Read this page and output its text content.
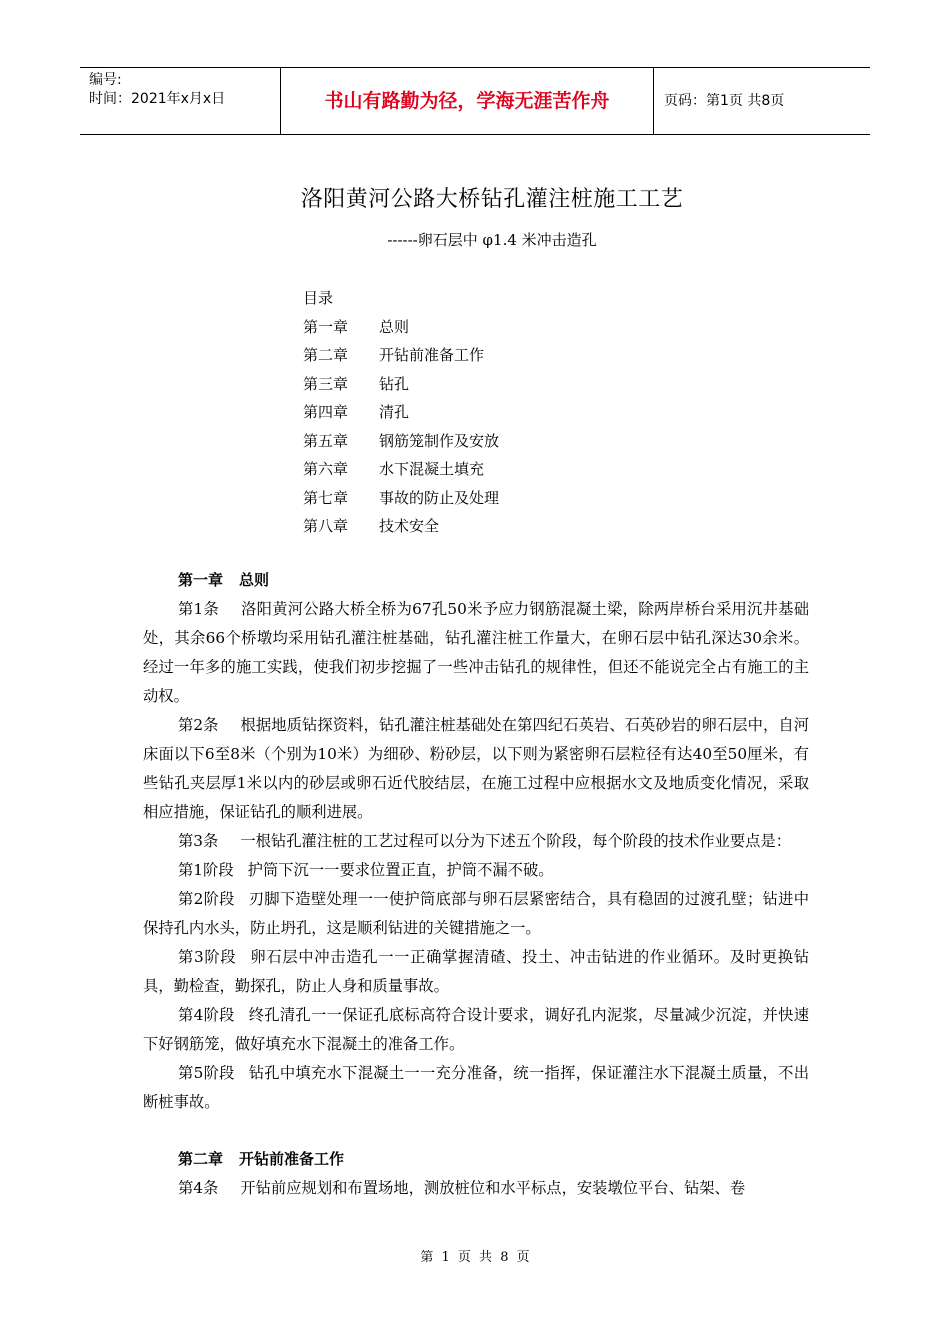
编号:
时间：2021年x月x日	书山有路勤为径，学海无涯苦作舟	页码：第1页 共8页
洛阳黄河公路大桥钻孔灌注桩施工工艺
------卵石层中 φ1.4 米冲击造孔
目录
第一章 总则
第二章 开钻前准备工作
第三章 钻孔
第四章 清孔
第五章 钢筋笼制作及安放
第六章 水下混凝土填充
第七章 事故的防止及处理
第八章 技术安全
第一章 总则

第1条 洛阳黄河公路大桥全桥为67孔50米予应力钢筋混凝土梁，除两岸桥台采用沉井基础处，其余66个桥墩均采用钻孔灌注桩基础，钻孔灌注桩工作量大，在卵石层中钻孔深达30余米。经过一年多的施工实践，使我们初步挖掘了一些冲击钻孔的规律性，但还不能说完全占有施工的主动权。

第2条 根据地质钻探资料，钻孔灌注桩基础处在第四纪石英岩、石英砂岩的卵石层中，自河床面以下6至8米（个别为10米）为细砂、粉砂层，以下则为紧密卵石层粒径有达40至50厘米，有些钻孔夹层厚1米以内的砂层或卵石近代胶结层，在施工过程中应根据水文及地质变化情况，采取相应措施，保证钻孔的顺利进展。

第3条 一根钻孔灌注桩的工艺过程可以分为下述五个阶段，每个阶段的技术作业要点是：

第1阶段 护筒下沉一一要求位置正直，护筒不漏不破。

第2阶段 刃脚下造壁处理一一使护筒底部与卵石层紧密结合，具有稳固的过渡孔壁；钻进中保持孔内水头，防止坍孔，这是顺利钻进的关键措施之一。

第3阶段 卵石层中冲击造孔一一正确掌握清碴、投土、冲击钻进的作业循环。及时更换钻具，勤检查，勤探孔，防止人身和质量事故。

第4阶段 终孔清孔一一保证孔底标高符合设计要求，调好孔内泥浆，尽量减少沉淀，并快速下好钢筋笼，做好填充水下混凝土的准备工作。

第5阶段 钻孔中填充水下混凝土一一充分准备，统一指挥，保证灌注水下混凝土质量，不出断桩事故。

第二章 开钻前准备工作

第4条 开钻前应规划和布置场地，测放桩位和水平标点，安装墩位平台、钻架、卷

第 1 页 共 8 页
